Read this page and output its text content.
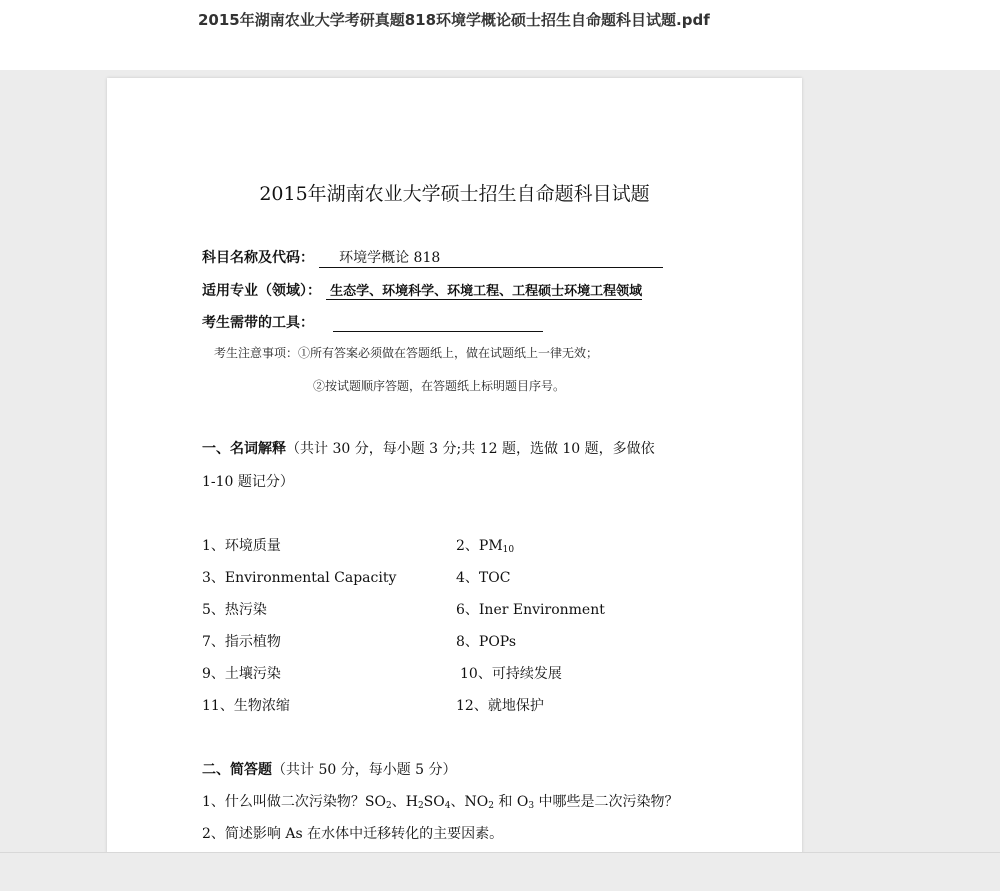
2015年湖南农业大学考研真题818环境学概论硕士招生自命题科目试题.pdf
2015年湖南农业大学硕士招生自命题科目试题
科目名称及代码： 环境学概论 818
适用专业（领域）： 生态学、环境科学、环境工程、工程硕士环境工程领域
考生需带的工具：
考生注意事项：①所有答案必须做在答题纸上，做在试题纸上一律无效；
②按试题顺序答题，在答题纸上标明题目序号。
一、名词解释（共计 30 分，每小题 3 分;共 12 题，选做 10 题，多做依
1-10 题记分）
1、环境质量	2、$PM_{10}$
3、Environmental Capacity	4、TOC
5、热污染	6、Iner Environment
7、指示植物	8、POPs
9、土壤污染	10、可持续发展
11、生物浓缩	12、就地保护
二、简答题（共计 50 分，每小题 5 分）
1、什么叫做二次污染物？$SO_2$、$H_2SO_4$、$NO_2$ 和 $O_3$ 中哪些是二次污染物？
2、简述影响 As 在水体中迁移转化的主要因素。
